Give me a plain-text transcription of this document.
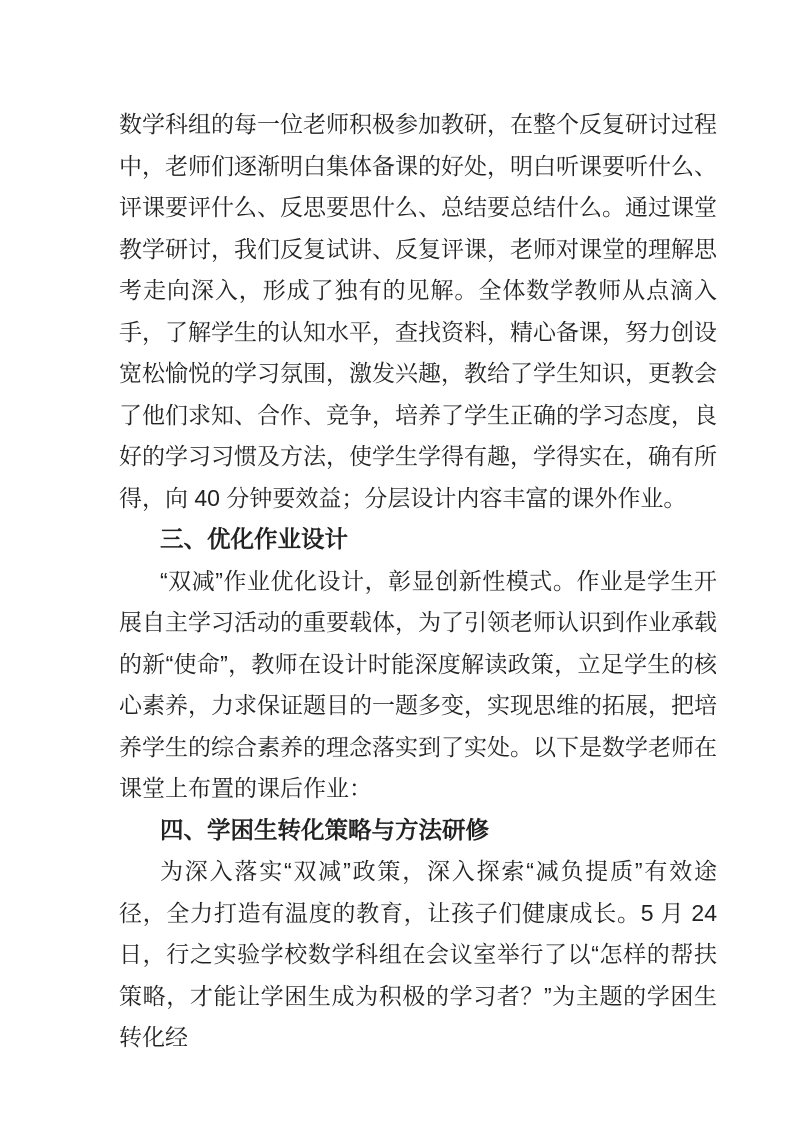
数学科组的每一位老师积极参加教研，在整个反复研讨过程中，老师们逐渐明白集体备课的好处，明白听课要听什么、评课要评什么、反思要思什么、总结要总结什么。通过课堂教学研讨，我们反复试讲、反复评课，老师对课堂的理解思考走向深入，形成了独有的见解。全体数学教师从点滴入手，了解学生的认知水平，查找资料，精心备课，努力创设宽松愉悦的学习氛围，激发兴趣，教给了学生知识，更教会了他们求知、合作、竞争，培养了学生正确的学习态度，良好的学习习惯及方法，使学生学得有趣，学得实在，确有所得，向 40 分钟要效益；分层设计内容丰富的课外作业。

三、优化作业设计

“双减”作业优化设计，彰显创新性模式。作业是学生开展自主学习活动的重要载体，为了引领老师认识到作业承载的新“使命”，教师在设计时能深度解读政策，立足学生的核心素养，力求保证题目的一题多变，实现思维的拓展，把培养学生的综合素养的理念落实到了实处。以下是数学老师在课堂上布置的课后作业：

四、学困生转化策略与方法研修

为深入落实“双减”政策，深入探索“减负提质”有效途径，全力打造有温度的教育，让孩子们健康成长。5 月 24 日，行之实验学校数学科组在会议室举行了以“怎样的帮扶策略，才能让学困生成为积极的学习者？”为主题的学困生转化经
